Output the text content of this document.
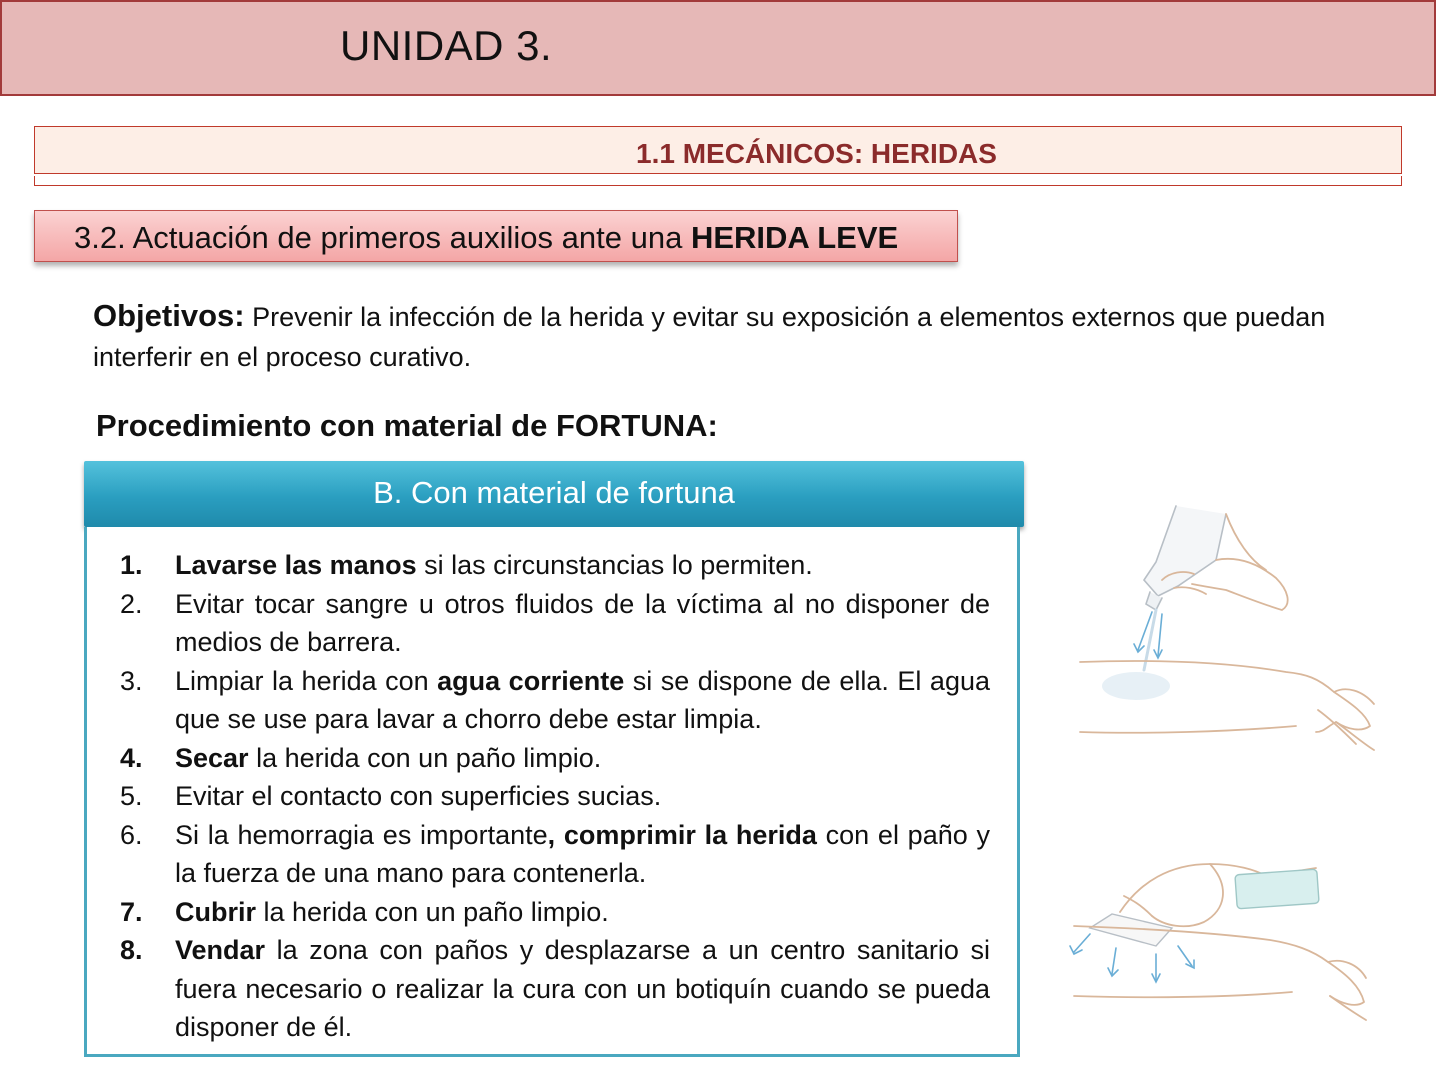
UNIDAD 3.
1.1 MECÁNICOS: HERIDAS
3.2. Actuación de primeros auxilios ante una HERIDA LEVE
Objetivos: Prevenir la infección de la herida y evitar su exposición a elementos externos que puedan interferir en el proceso curativo.
Procedimiento con material de FORTUNA:
B. Con material de fortuna
1. Lavarse las manos si las circunstancias lo permiten.
2. Evitar tocar sangre u otros fluidos de la víctima al no disponer de medios de barrera.
3. Limpiar la herida con agua corriente si se dispone de ella. El agua que se use para lavar a chorro debe estar limpia.
4. Secar la herida con un paño limpio.
5. Evitar el contacto con superficies sucias.
6. Si la hemorragia es importante, comprimir la herida con el paño y la fuerza de una mano para contenerla.
7. Cubrir la herida con un paño limpio.
8. Vendar la zona con paños y desplazarse a un centro sanitario si fuera necesario o realizar la cura con un botiquín cuando se pueda disponer de él.
